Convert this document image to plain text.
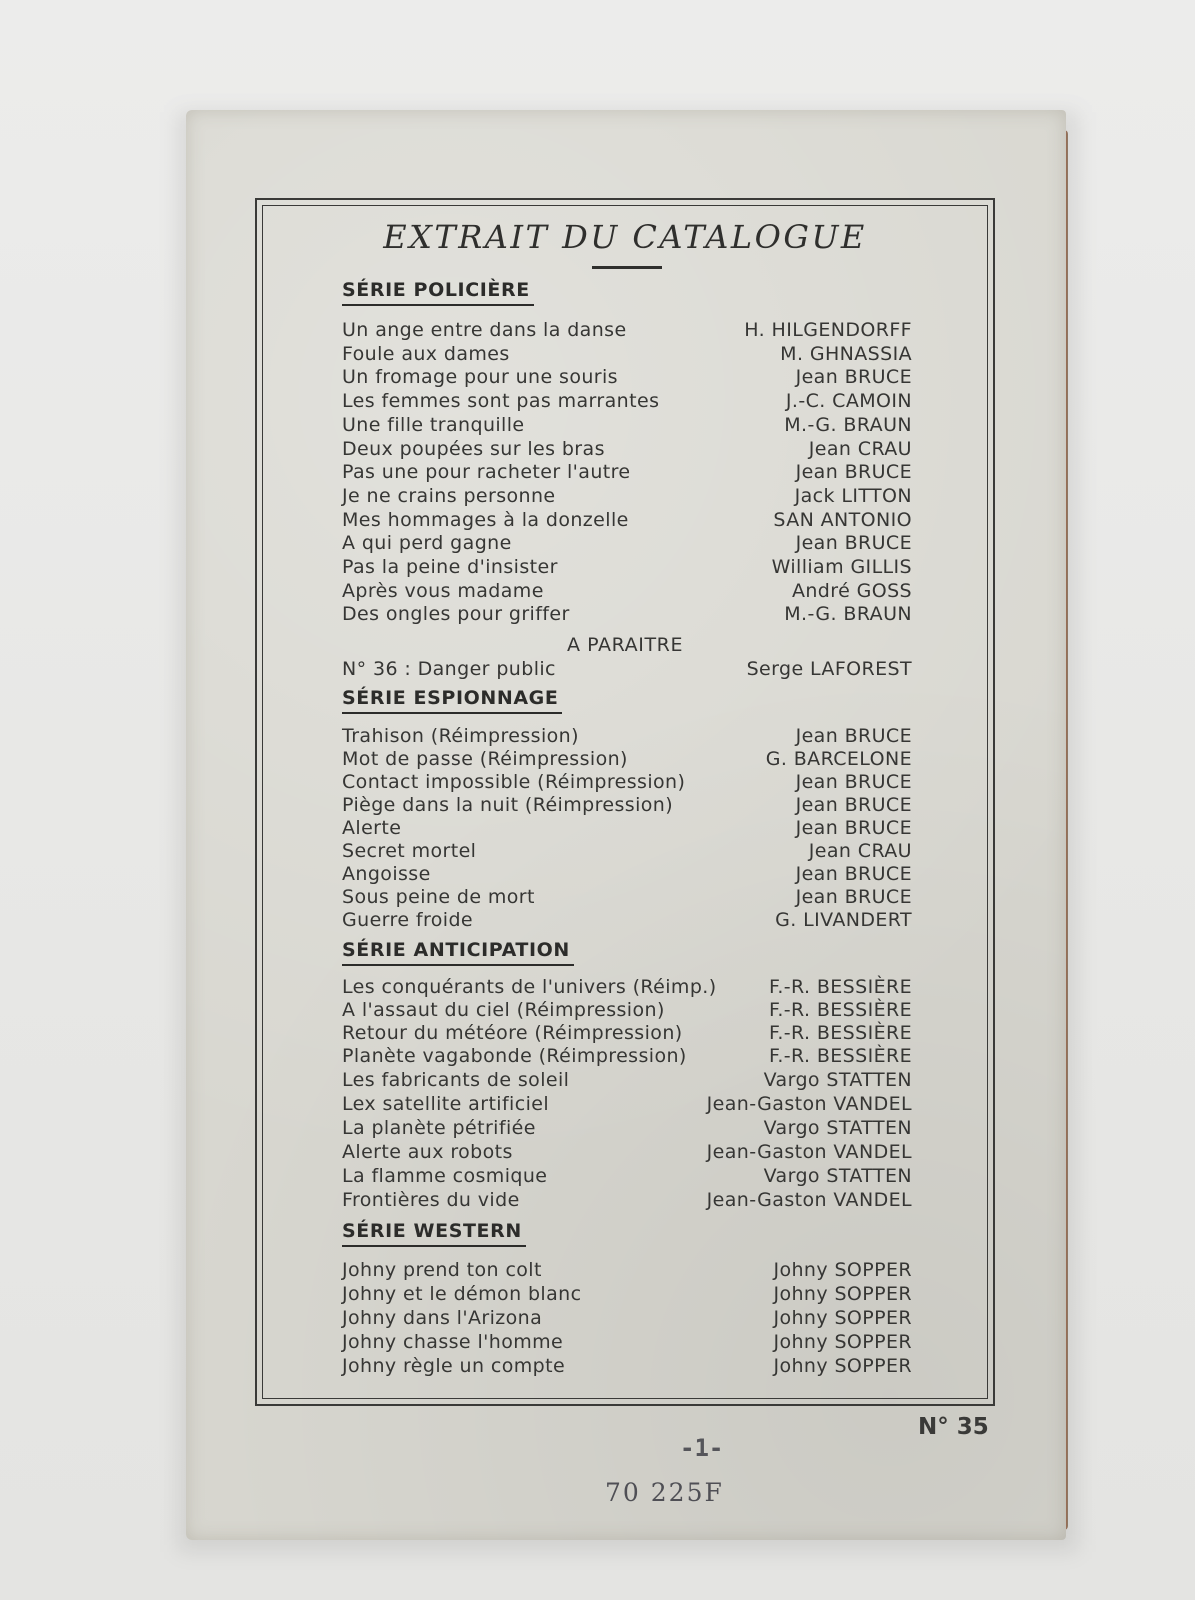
EXTRAIT DU CATALOGUE
SÉRIE POLICIÈRE
Un ange entre dans la danse	H. HILGENDORFF
Foule aux dames	M. GHNASSIA
Un fromage pour une souris	Jean BRUCE
Les femmes sont pas marrantes	J.-C. CAMOIN
Une fille tranquille	M.-G. BRAUN
Deux poupées sur les bras	Jean CRAU
Pas une pour racheter l'autre	Jean BRUCE
Je ne crains personne	Jack LITTON
Mes hommages à la donzelle	SAN ANTONIO
A qui perd gagne	Jean BRUCE
Pas la peine d'insister	William GILLIS
Après vous madame	André GOSS
Des ongles pour griffer	M.-G. BRAUN
A PARAITRE
N° 36 : Danger public	Serge LAFOREST
SÉRIE ESPIONNAGE
Trahison (Réimpression)	Jean BRUCE
Mot de passe (Réimpression)	G. BARCELONE
Contact impossible (Réimpression)	Jean BRUCE
Piège dans la nuit (Réimpression)	Jean BRUCE
Alerte	Jean BRUCE
Secret mortel	Jean CRAU
Angoisse	Jean BRUCE
Sous peine de mort	Jean BRUCE
Guerre froide	G. LIVANDERT
SÉRIE ANTICIPATION
Les conquérants de l'univers (Réimp.)	F.-R. BESSIÈRE
A l'assaut du ciel (Réimpression)	F.-R. BESSIÈRE
Retour du météore (Réimpression)	F.-R. BESSIÈRE
Planète vagabonde (Réimpression)	F.-R. BESSIÈRE
Les fabricants de soleil	Vargo STATTEN
Lex satellite artificiel	Jean-Gaston VANDEL
La planète pétrifiée	Vargo STATTEN
Alerte aux robots	Jean-Gaston VANDEL
La flamme cosmique	Vargo STATTEN
Frontières du vide	Jean-Gaston VANDEL
SÉRIE WESTERN
Johny prend ton colt	Johny SOPPER
Johny et le démon blanc	Johny SOPPER
Johny dans l'Arizona	Johny SOPPER
Johny chasse l'homme	Johny SOPPER
Johny règle un compte	Johny SOPPER
N° 35
-1-
70 225F
